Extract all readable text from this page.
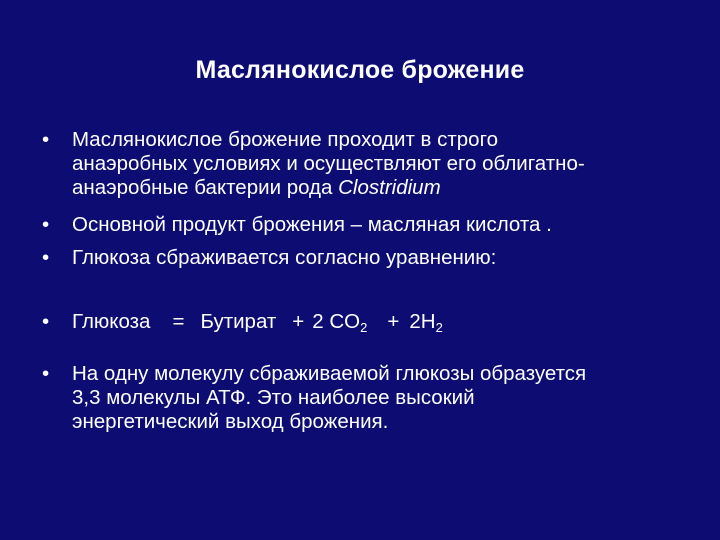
Маслянокислое брожение
•	Маслянокислое брожение проходит в строго
анаэробных условиях и осуществляют его облигатно-
анаэробные бактерии рода Clostridium
•	Основной продукт брожения – масляная кислота .
•	Глюкоза сбраживается согласно уравнению:
•	Глюкоза = Бутират + 2 $CO_2 + 2H_2$
•	На одну молекулу сбраживаемой глюкозы образуется
3,3 молекулы АТФ. Это наиболее высокий
энергетический выход брожения.
